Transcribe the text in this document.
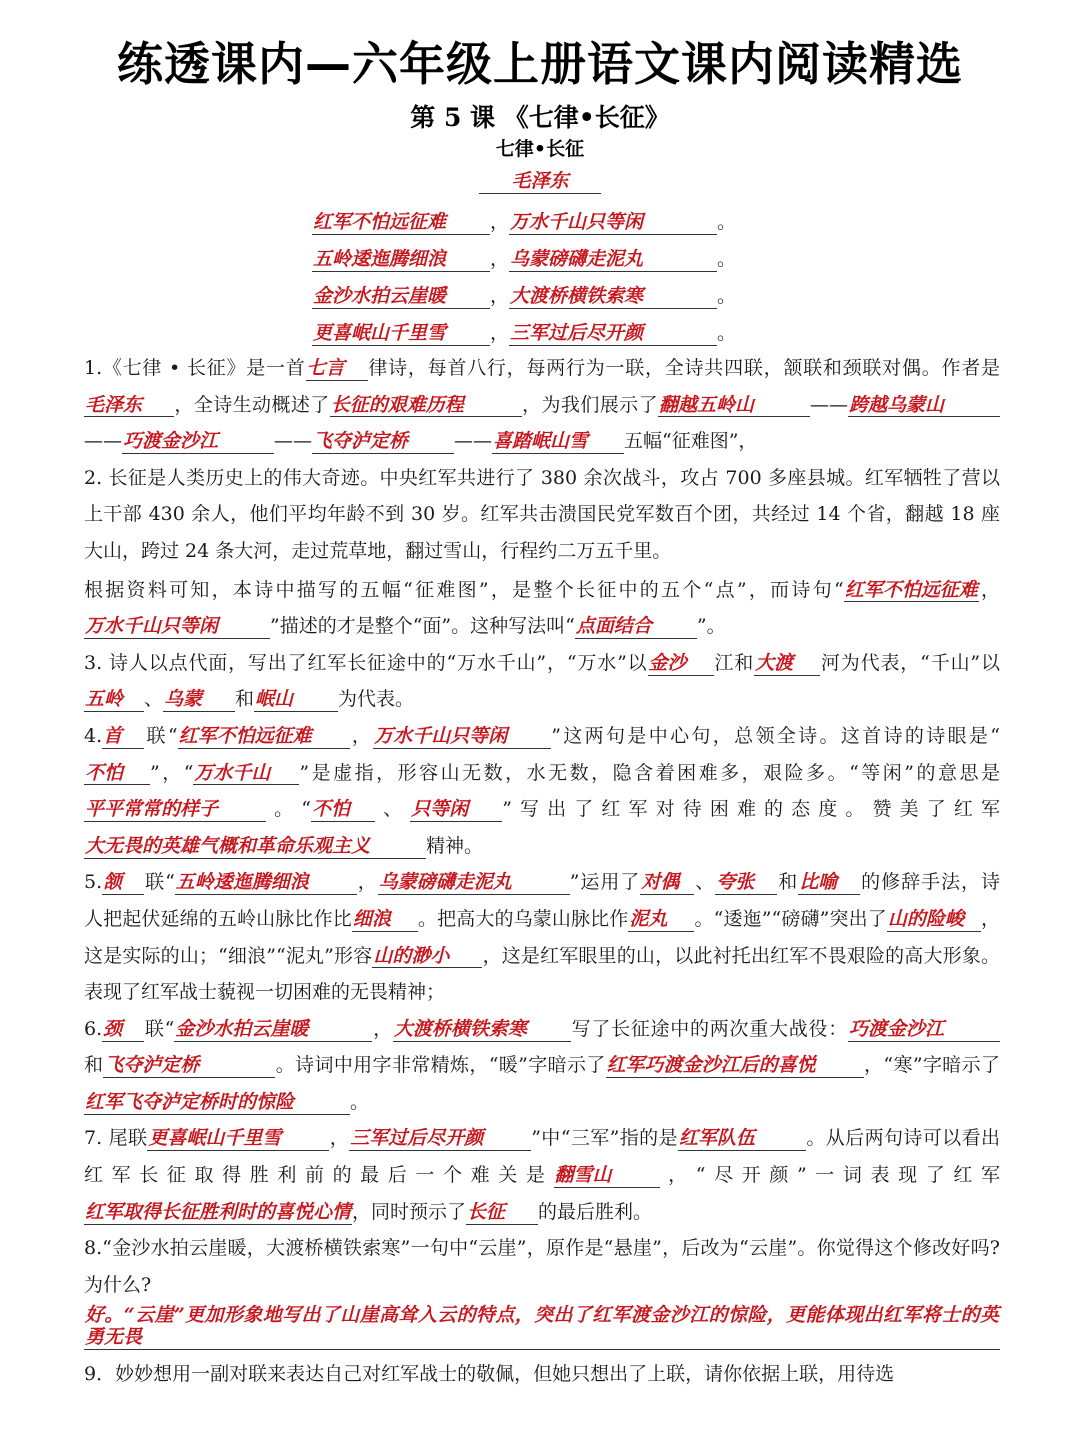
练透课内—六年级上册语文课内阅读精选
第 5 课 《七律•长征》
七律•长征
毛泽东
红军不怕远征难 ，万水千山只等闲	。
五岭逶迤腾细浪 ，乌蒙磅礴走泥丸	。
金沙水拍云崖暖 ，大渡桥横铁索寒	。
更喜岷山千里雪 ，三军过后尽开颜	。

1.《七律 • 长征》是一首七言 律诗，每首八行，每两行为一联，全诗共四联，颔联和颈联对偶。作者是毛泽东 ，全诗生动概述了长征的艰难历程	，为我们展示了翻越五岭山	——跨越乌蒙山——巧渡金沙江	——飞夺泸定桥 ——喜踏岷山雪 五幅“征难图”，

2. 长征是人类历史上的伟大奇迹。中央红军共进行了 380 余次战斗，攻占 700 多座县城。红军牺牲了营以上干部 430 余人，他们平均年龄不到 30 岁。红军共击溃国民党军数百个团，共经过 14 个省，翻越 18 座大山，跨过 24 条大河，走过荒草地，翻过雪山，行程约二万五千里。

根据资料可知，本诗中描写的五幅“征难图”，是整个长征中的五个“点”，而诗句“红军不怕远征难，万水千山只等闲	”描述的才是整个“面”。这种写法叫“点面结合 ”。

3. 诗人以点代面，写出了红军长征途中的“万水千山”，“万水”以金沙 江和大渡 河为代表，“千山”以五岭 、乌蒙 和岷山 为代表。

4.首 联“红军不怕远征难 ，万水千山只等闲 ”这两句是中心句，总领全诗。这首诗的诗眼是“不怕 ”，“万水千山 ”是虚指，形容山无数，水无数，隐含着困难多，艰险多。“等闲”的意思是平平常常的样子	。“不怕 、只等闲 ”写出了红军对待困难的态度。赞美了红军大无畏的英雄气概和革命乐观主义	精神。

5.颔 联“五岭逶迤腾细浪	，乌蒙磅礴走泥丸	”运用了对偶 、夸张 和比喻 的修辞手法，诗人把起伏延绵的五岭山脉比作比细浪 。把高大的乌蒙山脉比作泥丸 。“逶迤”“磅礴”突出了山的险峻 ，这是实际的山；“细浪”“泥丸”形容山的渺小 ，这是红军眼里的山，以此衬托出红军不畏艰险的高大形象。表现了红军战士藐视一切困难的无畏精神；

6.颈 联“金沙水拍云崖暖	，大渡桥横铁索寒 写了长征途中的两次重大战役：巧渡金沙江和飞夺泸定桥	。诗词中用字非常精炼，“暖”字暗示了红军巧渡金沙江后的喜悦	，“寒”字暗示了红军飞夺泸定桥时的惊险	。

7. 尾联更喜岷山千里雪	，三军过后尽开颜	”中“三军”指的是红军队伍	。从后两句诗可以看出红军长征取得胜利前的最后一个难关是翻雪山	，“尽开颜”一词表现了红军红军取得长征胜利时的喜悦心情，同时预示了长征 的最后胜利。

8.“金沙水拍云崖暖，大渡桥横铁索寒”一句中“云崖”，原作是“悬崖”，后改为“云崖”。你觉得这个修改好吗?为什么?

好。“云崖”更加形象地写出了山崖高耸入云的特点，突出了红军渡金沙江的惊险，更能体现出红军将士的英勇无畏

9．妙妙想用一副对联来表达自己对红军战士的敬佩，但她只想出了上联，请你依据上联，用待选
